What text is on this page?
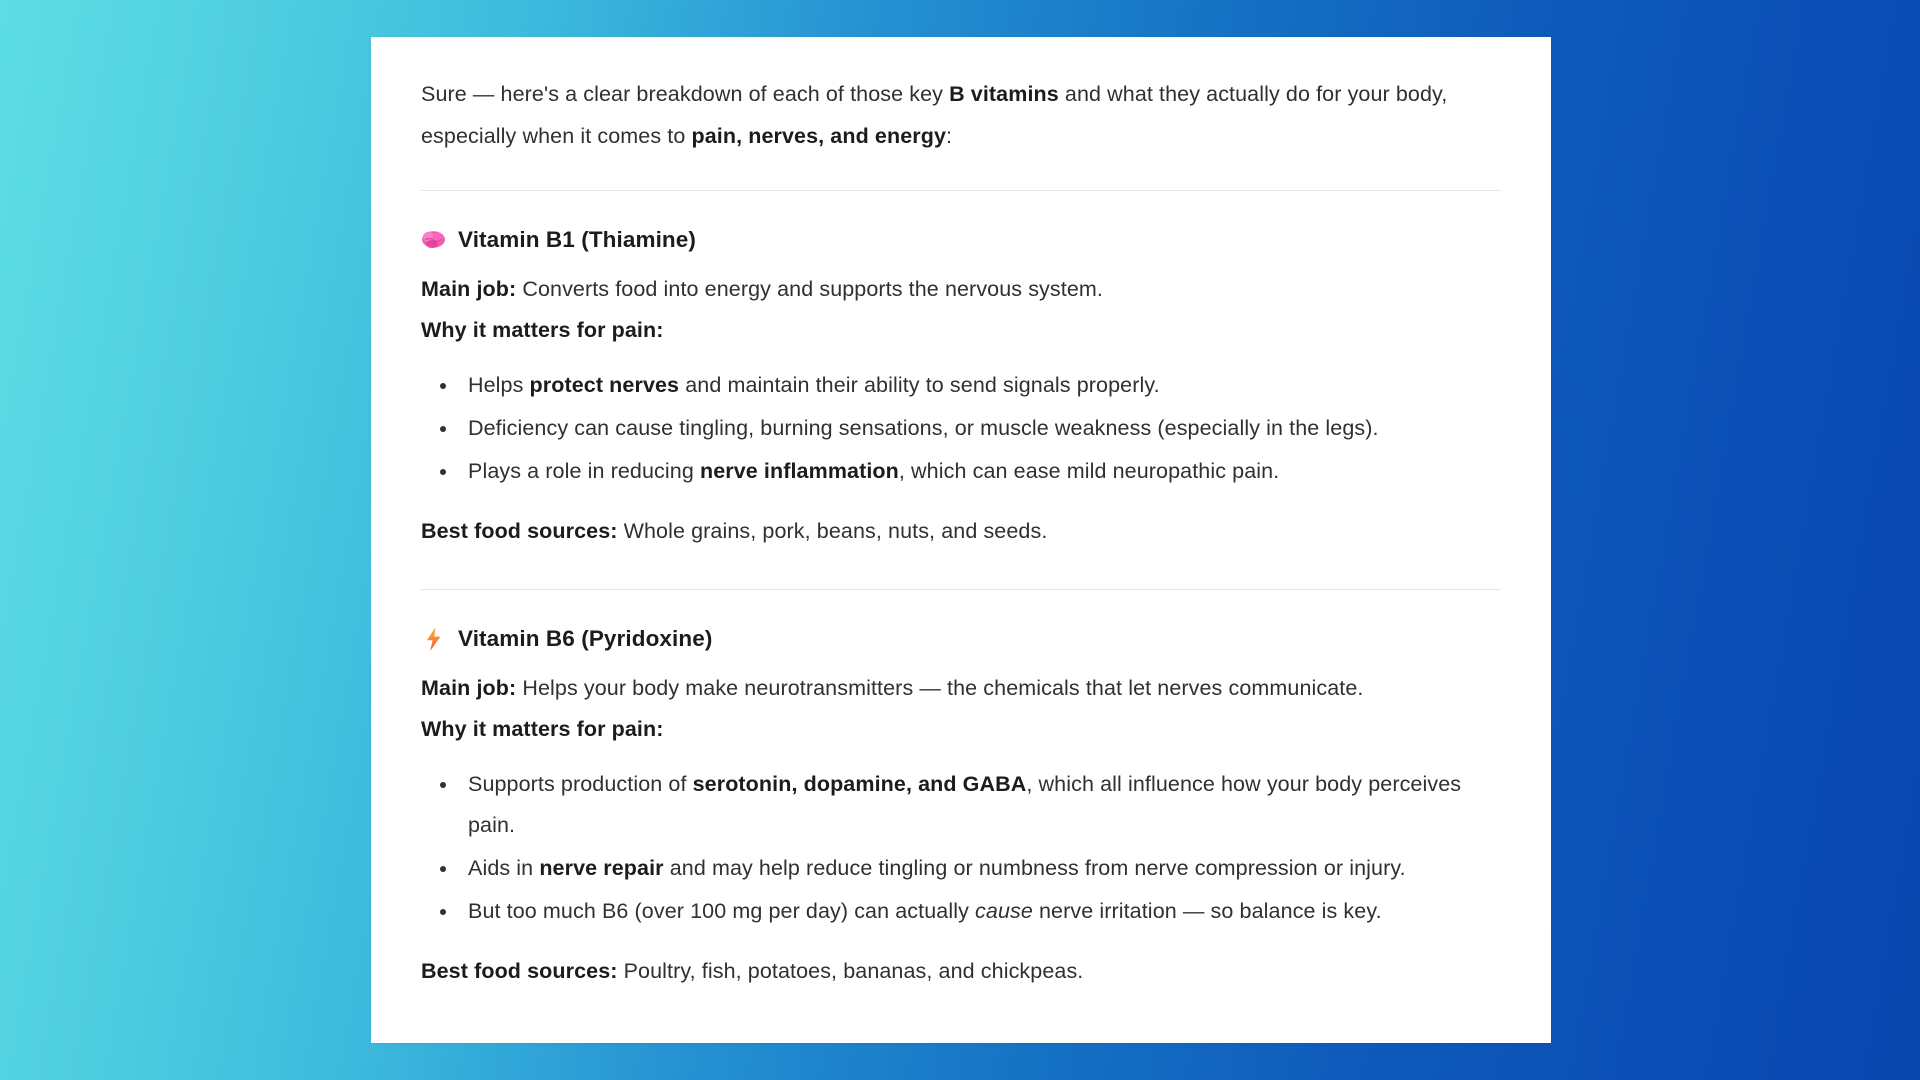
Sure — here's a clear breakdown of each of those key B vitamins and what they actually do for your body, especially when it comes to pain, nerves, and energy:

Vitamin B1 (Thiamine)
Main job: Converts food into energy and supports the nervous system.
Why it matters for pain:
Helps protect nerves and maintain their ability to send signals properly.
Deficiency can cause tingling, burning sensations, or muscle weakness (especially in the legs).
Plays a role in reducing nerve inflammation, which can ease mild neuropathic pain.
Best food sources: Whole grains, pork, beans, nuts, and seeds.
Vitamin B6 (Pyridoxine)
Main job: Helps your body make neurotransmitters — the chemicals that let nerves communicate.
Why it matters for pain:
Supports production of serotonin, dopamine, and GABA, which all influence how your body perceives pain.
Aids in nerve repair and may help reduce tingling or numbness from nerve compression or injury.
But too much B6 (over 100 mg per day) can actually cause nerve irritation — so balance is key.
Best food sources: Poultry, fish, potatoes, bananas, and chickpeas.
